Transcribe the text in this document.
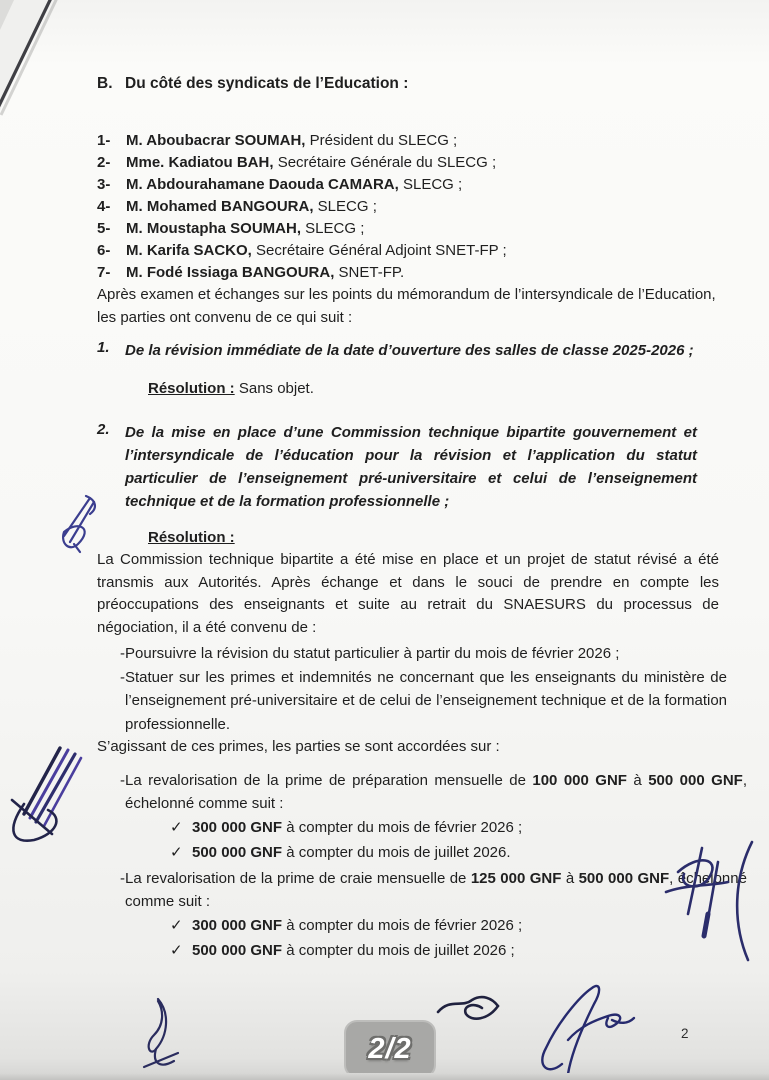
B. Du côté des syndicats de l’Education :
1-	M. Aboubacrar SOUMAH, Président du SLECG ;
2-	Mme. Kadiatou BAH, Secrétaire Générale du SLECG ;
3-	M. Abdourahamane Daouda CAMARA, SLECG ;
4-	M. Mohamed BANGOURA, SLECG ;
5-	M. Moustapha SOUMAH, SLECG ;
6-	M. Karifa SACKO, Secrétaire Général Adjoint SNET-FP ;
7-	M. Fodé Issiaga BANGOURA, SNET-FP.

Après examen et échanges sur les points du mémorandum de l’intersyndicale de l’Education, les parties ont convenu de ce qui suit :

1.	De la révision immédiate de la date d’ouverture des salles de classe 2025-2026 ;
Résolution : Sans objet.
2.	De la mise en place d’une Commission technique bipartite gouvernement et l’intersyndicale de l’éducation pour la révision et l’application du statut particulier de l’enseignement pré-universitaire et celui de l’enseignement technique et de la formation professionnelle ;
Résolution :

La Commission technique bipartite a été mise en place et un projet de statut révisé a été transmis aux Autorités. Après échange et dans le souci de prendre en compte les préoccupations des enseignants et suite au retrait du SNAESURS du processus de négociation, il a été convenu de :

- Poursuivre la révision du statut particulier à partir du mois de février 2026 ;
- Statuer sur les primes et indemnités ne concernant que les enseignants du ministère de l’enseignement pré-universitaire et de celui de l’enseignement technique et de la formation professionnelle.

S’agissant de ces primes, les parties se sont accordées sur :

- La revalorisation de la prime de préparation mensuelle de 100 000 GNF à 500 000 GNF, échelonné comme suit :
✓ 300 000 GNF à compter du mois de février 2026 ;
✓ 500 000 GNF à compter du mois de juillet 2026.
- La revalorisation de la prime de craie mensuelle de 125 000 GNF à 500 000 GNF, échelonné comme suit :
✓ 300 000 GNF à compter du mois de février 2026 ;
✓ 500 000 GNF à compter du mois de juillet 2026 ;
2/2	2
